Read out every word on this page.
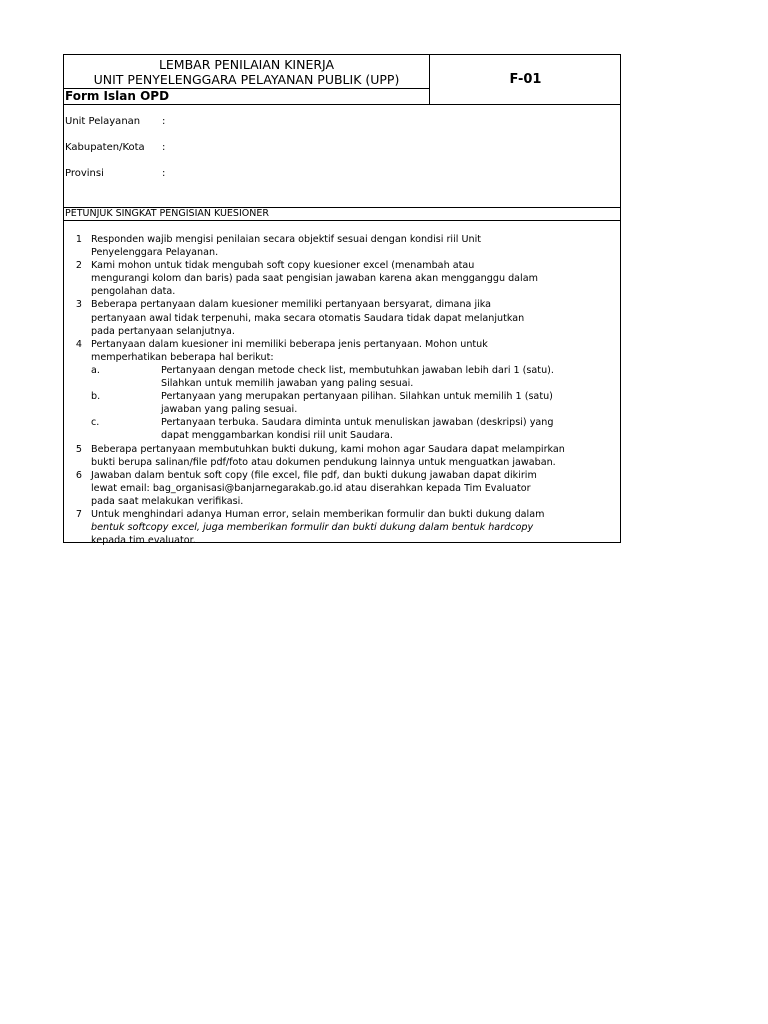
LEMBAR PENILAIAN KINERJA
UNIT PENYELENGGARA PELAYANAN PUBLIK (UPP)	F-01
Form Islan OPD
Unit Pelayanan :
Kabupaten/Kota :
Provinsi	:
PETUNJUK SINGKAT PENGISIAN KUESIONER
1 Responden wajib mengisi penilaian secara objektif sesuai dengan kondisi riil Unit
Penyelenggara Pelayanan.
2 Kami mohon untuk tidak mengubah soft copy kuesioner excel (menambah atau
mengurangi kolom dan baris) pada saat pengisian jawaban karena akan mengganggu dalam
pengolahan data.
3 Beberapa pertanyaan dalam kuesioner memiliki pertanyaan bersyarat, dimana jika
pertanyaan awal tidak terpenuhi, maka secara otomatis Saudara tidak dapat melanjutkan
pada pertanyaan selanjutnya.
4 Pertanyaan dalam kuesioner ini memiliki beberapa jenis pertanyaan. Mohon untuk
memperhatikan beberapa hal berikut:
a.	Pertanyaan dengan metode check list, membutuhkan jawaban lebih dari 1 (satu).
Silahkan untuk memilih jawaban yang paling sesuai.
b.	Pertanyaan yang merupakan pertanyaan pilihan. Silahkan untuk memilih 1 (satu)
jawaban yang paling sesuai.
c.	Pertanyaan terbuka. Saudara diminta untuk menuliskan jawaban (deskripsi) yang
dapat menggambarkan kondisi riil unit Saudara.
5 Beberapa pertanyaan membutuhkan bukti dukung, kami mohon agar Saudara dapat melampirkan
bukti berupa salinan/file pdf/foto atau dokumen pendukung lainnya untuk menguatkan jawaban.
6 Jawaban dalam bentuk soft copy (file excel, file pdf, dan bukti dukung jawaban dapat dikirim
lewat email: bag_organisasi@banjarnegarakab.go.id atau diserahkan kepada Tim Evaluator
pada saat melakukan verifikasi.
7 Untuk menghindari adanya Human error, selain memberikan formulir dan bukti dukung dalam
bentuk softcopy excel, juga memberikan formulir dan bukti dukung dalam bentuk hardcopy
kepada tim evaluator.
